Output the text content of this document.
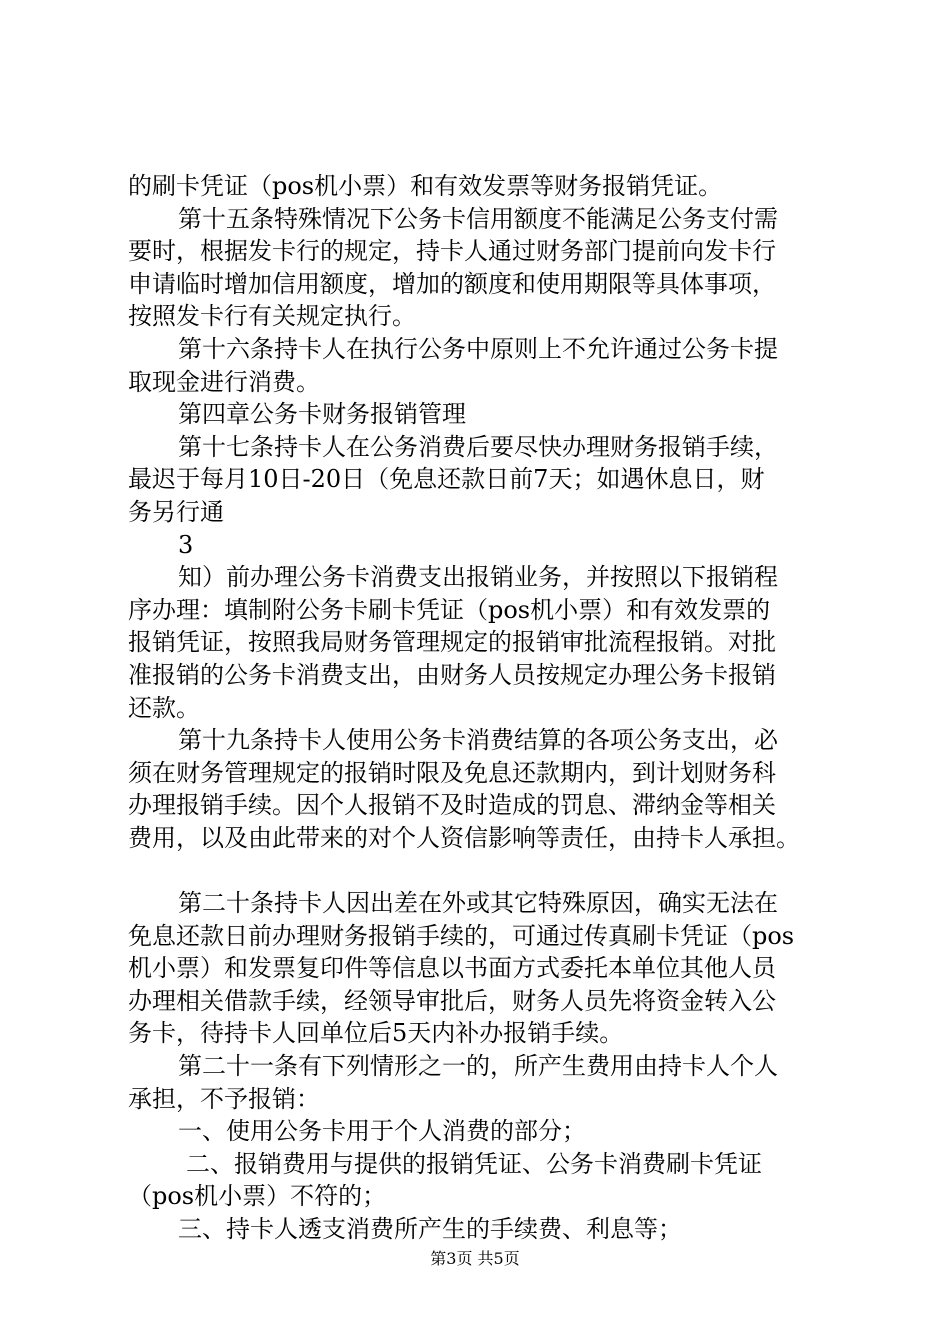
的刷卡凭证（pos机小票）和有效发票等财务报销凭证。

第十五条特殊情况下公务卡信用额度不能满足公务支付需

要时，根据发卡行的规定，持卡人通过财务部门提前向发卡行

申请临时增加信用额度，增加的额度和使用期限等具体事项，

按照发卡行有关规定执行。

第十六条持卡人在执行公务中原则上不允许通过公务卡提

取现金进行消费。

第四章公务卡财务报销管理

第十七条持卡人在公务消费后要尽快办理财务报销手续，

最迟于每月10日-20日（免息还款日前7天；如遇休息日，财

务另行通

3

知）前办理公务卡消费支出报销业务，并按照以下报销程

序办理：填制附公务卡刷卡凭证（pos机小票）和有效发票的

报销凭证，按照我局财务管理规定的报销审批流程报销。对批

准报销的公务卡消费支出，由财务人员按规定办理公务卡报销

还款。

第十九条持卡人使用公务卡消费结算的各项公务支出，必

须在财务管理规定的报销时限及免息还款期内，到计划财务科

办理报销手续。因个人报销不及时造成的罚息、滞纳金等相关

费用，以及由此带来的对个人资信影响等责任，由持卡人承担。

第二十条持卡人因出差在外或其它特殊原因，确实无法在

免息还款日前办理财务报销手续的，可通过传真刷卡凭证（pos

机小票）和发票复印件等信息以书面方式委托本单位其他人员

办理相关借款手续，经领导审批后，财务人员先将资金转入公

务卡，待持卡人回单位后5天内补办报销手续。

第二十一条有下列情形之一的，所产生费用由持卡人个人

承担，不予报销：

一、使用公务卡用于个人消费的部分；

二、报销费用与提供的报销凭证、公务卡消费刷卡凭证

（pos机小票）不符的；

三、持卡人透支消费所产生的手续费、利息等；

第3页 共5页
